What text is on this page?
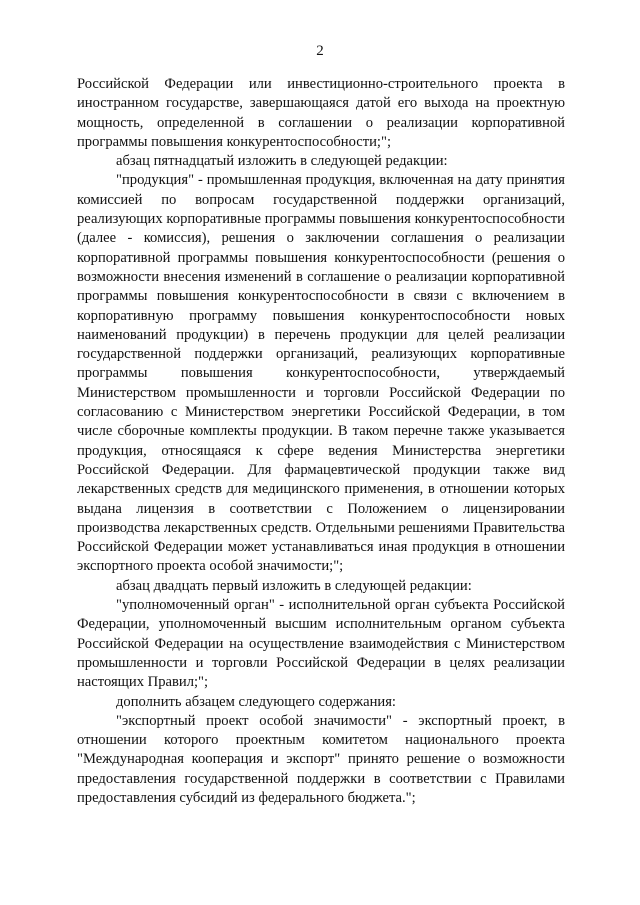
2

Российской Федерации или инвестиционно-строительного проекта в иностранном государстве, завершающаяся датой его выхода на проектную мощность, определенной в соглашении о реализации корпоративной программы повышения конкурентоспособности;";

абзац пятнадцатый изложить в следующей редакции:

"продукция" - промышленная продукция, включенная на дату принятия комиссией по вопросам государственной поддержки организаций, реализующих корпоративные программы повышения конкурентоспособности (далее - комиссия), решения о заключении соглашения о реализации корпоративной программы повышения конкурентоспособности (решения о возможности внесения изменений в соглашение о реализации корпоративной программы повышения конкурентоспособности в связи с включением в корпоративную программу повышения конкурентоспособности новых наименований продукции) в перечень продукции для целей реализации государственной поддержки организаций, реализующих корпоративные программы повышения конкурентоспособности, утверждаемый Министерством промышленности и торговли Российской Федерации по согласованию с Министерством энергетики Российской Федерации, в том числе сборочные комплекты продукции. В таком перечне также указывается продукция, относящаяся к сфере ведения Министерства энергетики Российской Федерации. Для фармацевтической продукции также вид лекарственных средств для медицинского применения, в отношении которых выдана лицензия в соответствии с Положением о лицензировании производства лекарственных средств. Отдельными решениями Правительства Российской Федерации может устанавливаться иная продукция в отношении экспортного проекта особой значимости;";

абзац двадцать первый изложить в следующей редакции:

"уполномоченный орган" - исполнительной орган субъекта Российской Федерации, уполномоченный высшим исполнительным органом субъекта Российской Федерации на осуществление взаимодействия с Министерством промышленности и торговли Российской Федерации в целях реализации настоящих Правил;";

дополнить абзацем следующего содержания:

"экспортный проект особой значимости" - экспортный проект, в отношении которого проектным комитетом национального проекта "Международная кооперация и экспорт" принято решение о возможности предоставления государственной поддержки в соответствии с Правилами предоставления субсидий из федерального бюджета.";
